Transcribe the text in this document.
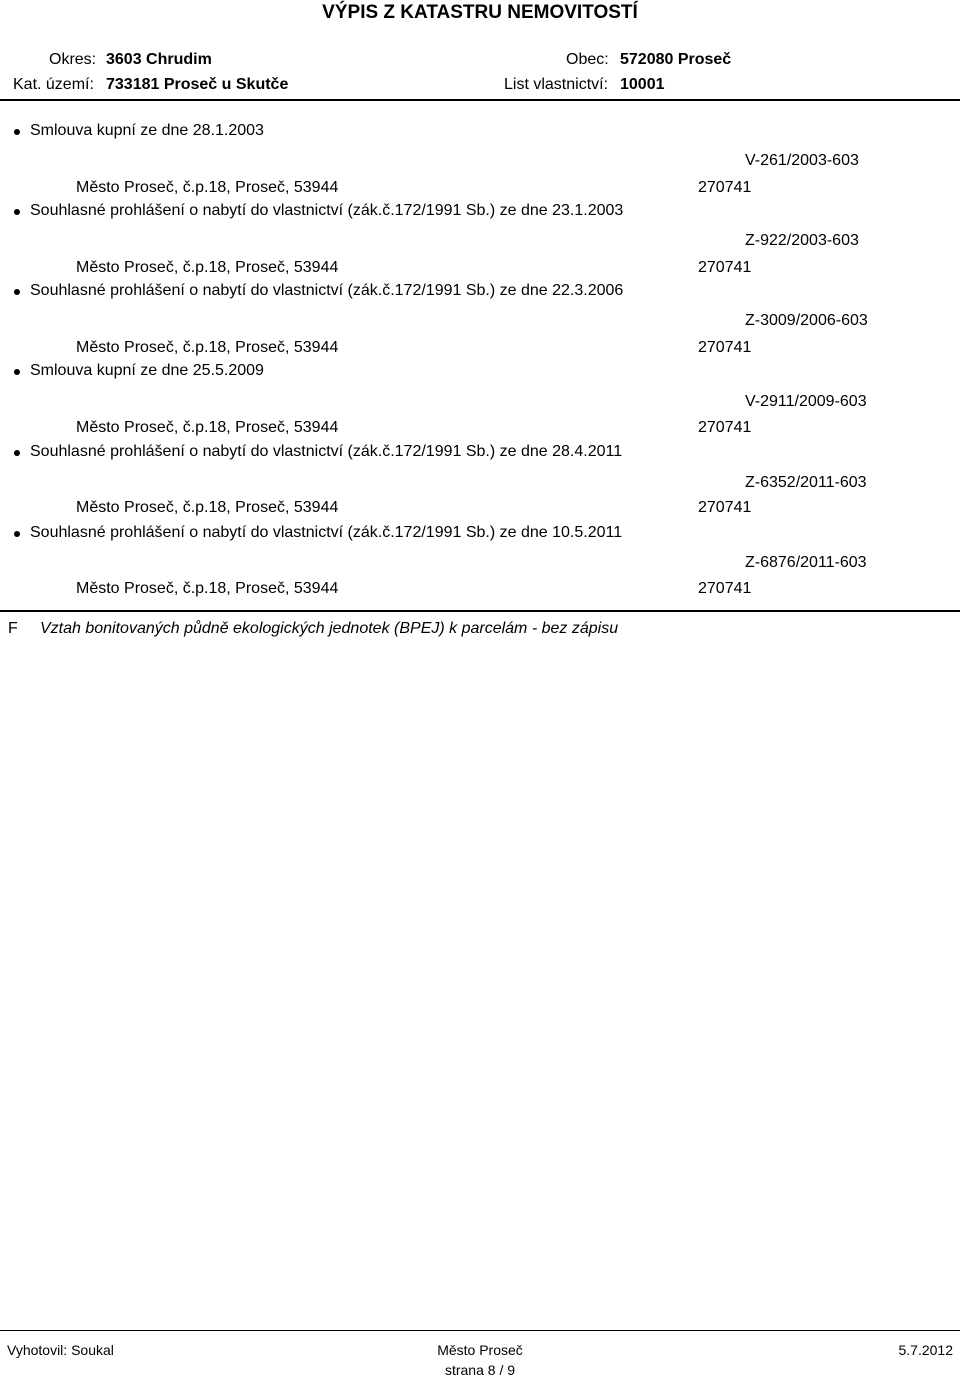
VÝPIS Z KATASTRU NEMOVITOSTÍ
Okres: 3603 Chrudim	Obec: 572080 Proseč
Kat. území: 733181 Proseč u Skutče	List vlastnictví: 10001
Smlouva kupní ze dne 28.1.2003
V-261/2003-603
Město Proseč, č.p.18, Proseč, 53944	270741
Souhlasné prohlášení o nabytí do vlastnictví (zák.č.172/1991 Sb.) ze dne 23.1.2003
Z-922/2003-603
Město Proseč, č.p.18, Proseč, 53944	270741
Souhlasné prohlášení o nabytí do vlastnictví (zák.č.172/1991 Sb.) ze dne 22.3.2006
Z-3009/2006-603
Město Proseč, č.p.18, Proseč, 53944	270741
Smlouva kupní ze dne 25.5.2009
V-2911/2009-603
Město Proseč, č.p.18, Proseč, 53944	270741
Souhlasné prohlášení o nabytí do vlastnictví (zák.č.172/1991 Sb.) ze dne 28.4.2011
Z-6352/2011-603
Město Proseč, č.p.18, Proseč, 53944	270741
Souhlasné prohlášení o nabytí do vlastnictví (zák.č.172/1991 Sb.) ze dne 10.5.2011
Z-6876/2011-603
Město Proseč, č.p.18, Proseč, 53944	270741
F Vztah bonitovaných půdně ekologických jednotek (BPEJ) k parcelám - bez zápisu
Vyhotovil: Soukal	Město Proseč	5.7.2012
strana 8 / 9
